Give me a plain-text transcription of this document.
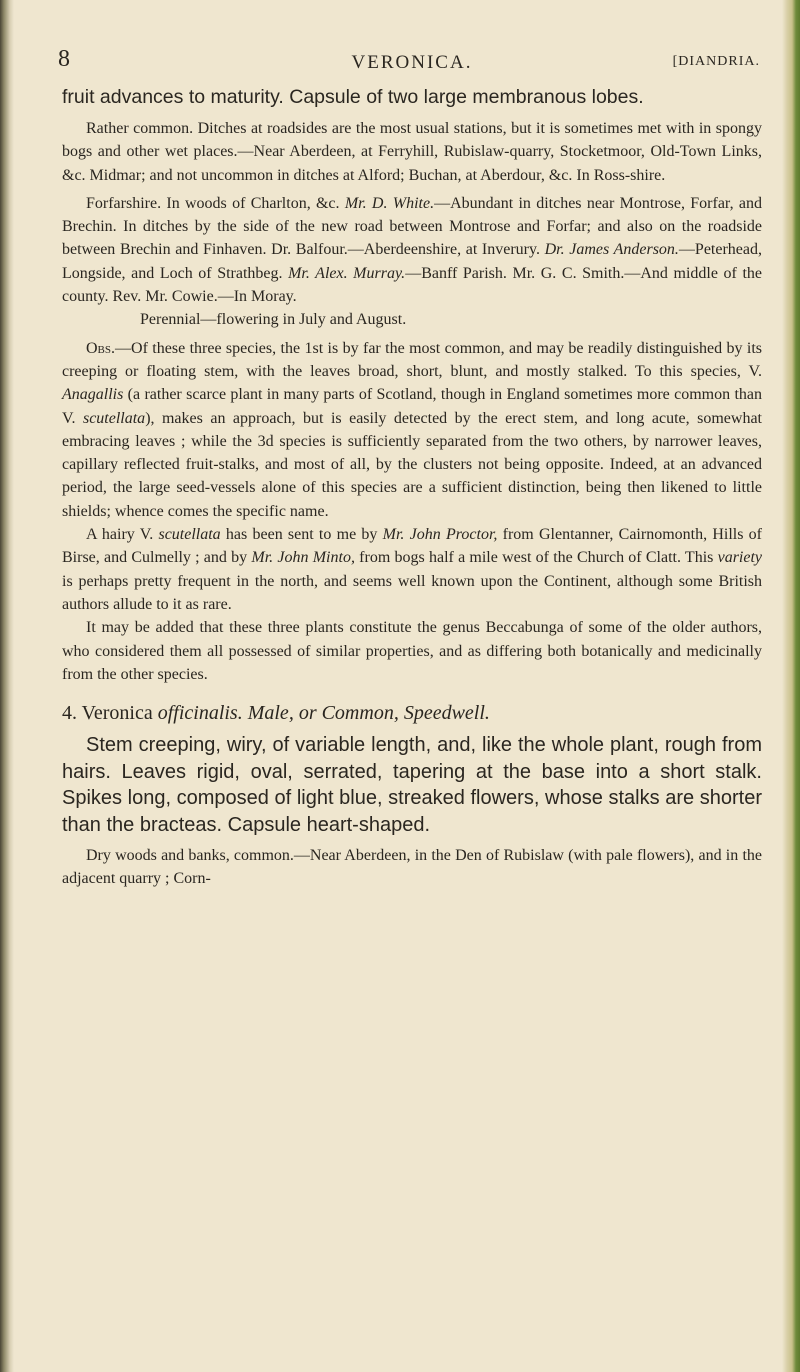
8	VERONICA.	[DIANDRIA.

fruit advances to maturity. Capsule of two large membranous lobes.

Rather common. Ditches at roadsides are the most usual stations, but it is sometimes met with in spongy bogs and other wet places.—Near Aberdeen, at Ferryhill, Rubislaw-quarry, Stocketmoor, Old-Town Links, &c. Midmar; and not uncommon in ditches at Alford; Buchan, at Aberdour, &c. In Ross-shire.

Forfarshire. In woods of Charlton, &c. Mr. D. White.—Abundant in ditches near Montrose, Forfar, and Brechin. In ditches by the side of the new road between Montrose and Forfar; and also on the roadside between Brechin and Finhaven. Dr. Balfour.—Aberdeenshire, at Inverury. Dr. James Anderson.—Peterhead, Longside, and Loch of Strathbeg. Mr. Alex. Murray.—Banff Parish. Mr. G. C. Smith.—And middle of the county. Rev. Mr. Cowie.—In Moray.

Perennial—flowering in July and August.

Obs.—Of these three species, the 1st is by far the most common, and may be readily distinguished by its creeping or floating stem, with the leaves broad, short, blunt, and mostly stalked. To this species, V. Anagallis (a rather scarce plant in many parts of Scotland, though in England sometimes more common than V. scutellata), makes an approach, but is easily detected by the erect stem, and long acute, somewhat embracing leaves ; while the 3d species is sufficiently separated from the two others, by narrower leaves, capillary reflected fruit-stalks, and most of all, by the clusters not being opposite. Indeed, at an advanced period, the large seed-vessels alone of this species are a sufficient distinction, being then likened to little shields; whence comes the specific name.

A hairy V. scutellata has been sent to me by Mr. John Proctor, from Glentanner, Cairnomonth, Hills of Birse, and Culmelly ; and by Mr. John Minto, from bogs half a mile west of the Church of Clatt. This variety is perhaps pretty frequent in the north, and seems well known upon the Continent, although some British authors allude to it as rare.

It may be added that these three plants constitute the genus Beccabunga of some of the older authors, who considered them all possessed of similar properties, and as differing both botanically and medicinally from the other species.

4. Veronica officinalis. Male, or Common, Speedwell.

Stem creeping, wiry, of variable length, and, like the whole plant, rough from hairs. Leaves rigid, oval, serrated, tapering at the base into a short stalk. Spikes long, composed of light blue, streaked flowers, whose stalks are shorter than the bracteas. Capsule heart-shaped.

Dry woods and banks, common.—Near Aberdeen, in the Den of Rubislaw (with pale flowers), and in the adjacent quarry ; Corn-
